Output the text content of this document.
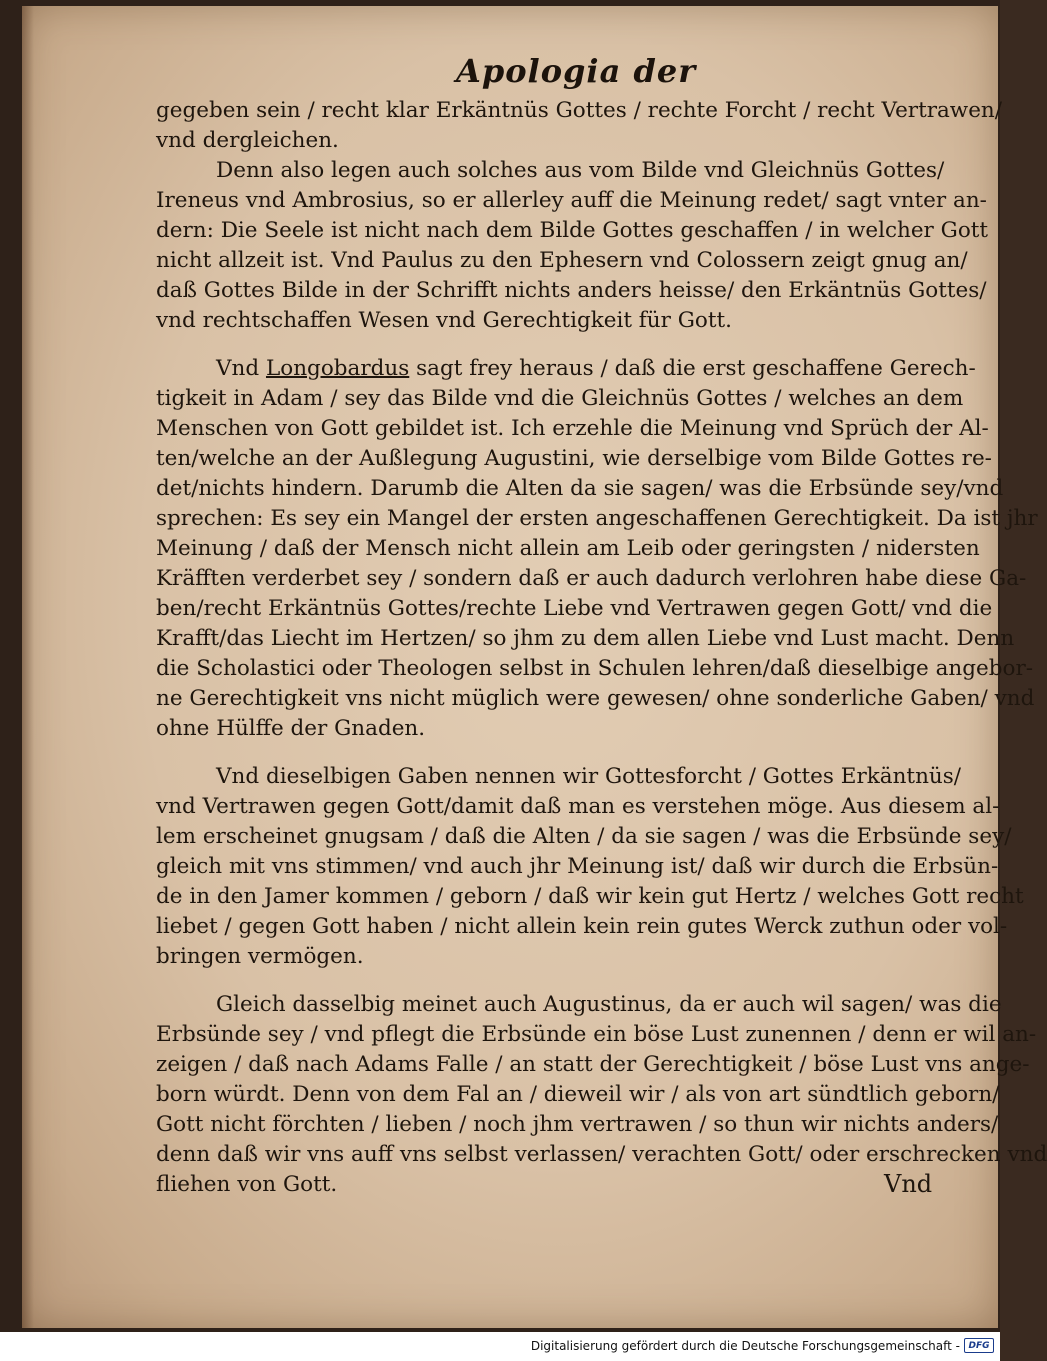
Apologia der

gegeben sein / recht klar Erkäntnüs Gottes / rechte Forcht / recht Vertrawen/
vnd dergleichen.

Denn also legen auch solches aus vom Bilde vnd Gleichnüs Gottes/
Ireneus vnd Ambrosius, so er allerley auff die Meinung redet/ sagt vnter an-
dern: Die Seele ist nicht nach dem Bilde Gottes geschaffen / in welcher Gott
nicht allzeit ist. Vnd Paulus zu den Ephesern vnd Colossern zeigt gnug an/
daß Gottes Bilde in der Schrifft nichts anders heisse/ den Erkäntnüs Gottes/
vnd rechtschaffen Wesen vnd Gerechtigkeit für Gott.

Vnd Longobardus sagt frey heraus / daß die erst geschaffene Gerech-
tigkeit in Adam / sey das Bilde vnd die Gleichnüs Gottes / welches an dem
Menschen von Gott gebildet ist. Ich erzehle die Meinung vnd Sprüch der Al-
ten/welche an der Außlegung Augustini, wie derselbige vom Bilde Gottes re-
det/nichts hindern. Darumb die Alten da sie sagen/ was die Erbsünde sey/vnd
sprechen: Es sey ein Mangel der ersten angeschaffenen Gerechtigkeit. Da ist jhr
Meinung / daß der Mensch nicht allein am Leib oder geringsten / nidersten
Kräfften verderbet sey / sondern daß er auch dadurch verlohren habe diese Ga-
ben/recht Erkäntnüs Gottes/rechte Liebe vnd Vertrawen gegen Gott/ vnd die
Krafft/das Liecht im Hertzen/ so jhm zu dem allen Liebe vnd Lust macht. Denn
die Scholastici oder Theologen selbst in Schulen lehren/daß dieselbige angebor-
ne Gerechtigkeit vns nicht müglich were gewesen/ ohne sonderliche Gaben/ vnd
ohne Hülffe der Gnaden.

Vnd dieselbigen Gaben nennen wir Gottesforcht / Gottes Erkäntnüs/
vnd Vertrawen gegen Gott/damit daß man es verstehen möge. Aus diesem al-
lem erscheinet gnugsam / daß die Alten / da sie sagen / was die Erbsünde sey/
gleich mit vns stimmen/ vnd auch jhr Meinung ist/ daß wir durch die Erbsün-
de in den Jamer kommen / geborn / daß wir kein gut Hertz / welches Gott recht
liebet / gegen Gott haben / nicht allein kein rein gutes Werck zuthun oder vol-
bringen vermögen.

Gleich dasselbig meinet auch Augustinus, da er auch wil sagen/ was die
Erbsünde sey / vnd pflegt die Erbsünde ein böse Lust zunennen / denn er wil an-
zeigen / daß nach Adams Falle / an statt der Gerechtigkeit / böse Lust vns ange-
born würdt. Denn von dem Fal an / dieweil wir / als von art sündtlich geborn/
Gott nicht förchten / lieben / noch jhm vertrawen / so thun wir nichts anders/
denn daß wir vns auff vns selbst verlassen/ verachten Gott/ oder erschrecken vnd
fliehen von Gott.	Vnd
Digitalisierung gefördert durch die Deutsche Forschungsgemeinschaft - DFG
